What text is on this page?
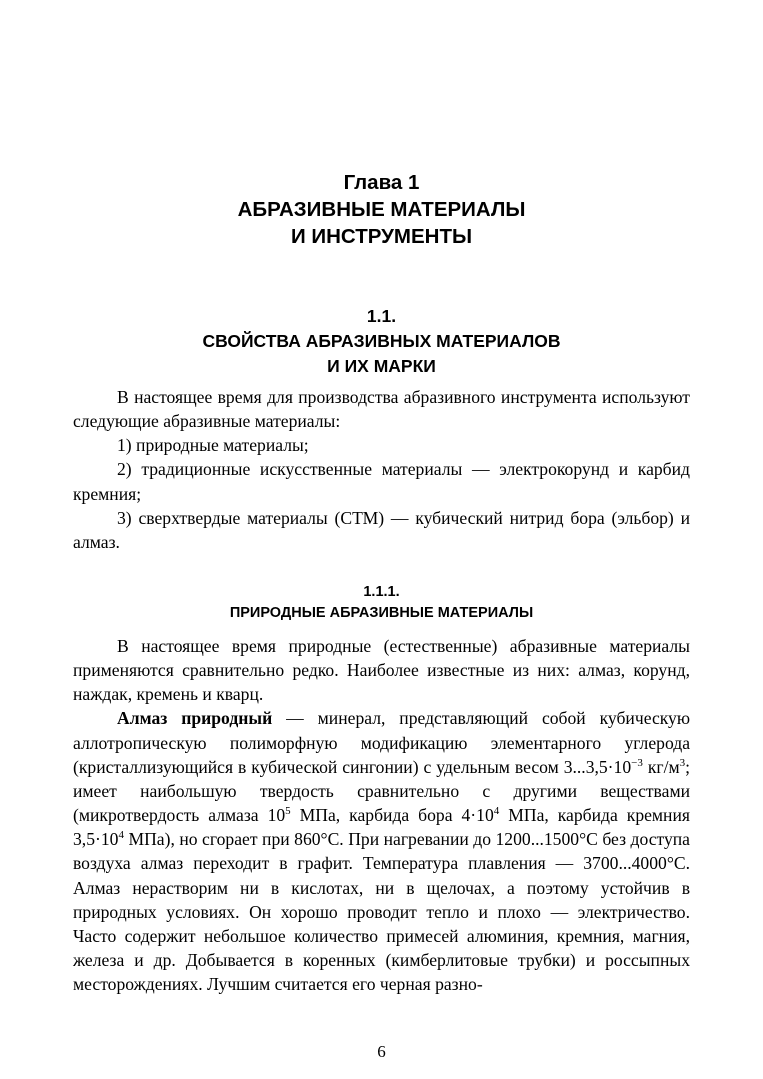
Глава 1

АБРАЗИВНЫЕ МАТЕРИАЛЫ

И ИНСТРУМЕНТЫ

1.1.

СВОЙСТВА АБРАЗИВНЫХ МАТЕРИАЛОВ

И ИХ МАРКИ

В настоящее время для производства абразивного инструмента используют следующие абразивные материалы:

1) природные материалы;

2) традиционные искусственные материалы — электрокорунд и карбид кремния;

3) сверхтвердые материалы (СТМ) — кубический нитрид бора (эльбор) и алмаз.

1.1.1.

ПРИРОДНЫЕ АБРАЗИВНЫЕ МАТЕРИАЛЫ

В настоящее время природные (естественные) абразивные материалы применяются сравнительно редко. Наиболее известные из них: алмаз, корунд, наждак, кремень и кварц.

Алмаз природный — минерал, представляющий собой кубическую аллотропическую полиморфную модификацию элементарного углерода (кристаллизующийся в кубической сингонии) с удельным весом $3...3,5\cdot 10^{-3}$ $кг/м^3$; имеет наибольшую твердость сравнительно с другими веществами (микротвердость алмаза $10^5$ МПа, карбида бора $4\cdot 10^4$ МПа, карбида кремния $3,5\cdot 10^4$ МПа), но сгорает при 860°С. При нагревании до 1200...1500°С без доступа воздуха алмаз переходит в графит. Температура плавления — 3700...4000°С. Алмаз нерастворим ни в кислотах, ни в щелочах, а поэтому устойчив в природных условиях. Он хорошо проводит тепло и плохо — электричество. Часто содержит небольшое количество примесей алюминия, кремния, магния, железа и др. Добывается в коренных (кимберлитовые трубки) и россыпных месторождениях. Лучшим считается его черная разно-

6
